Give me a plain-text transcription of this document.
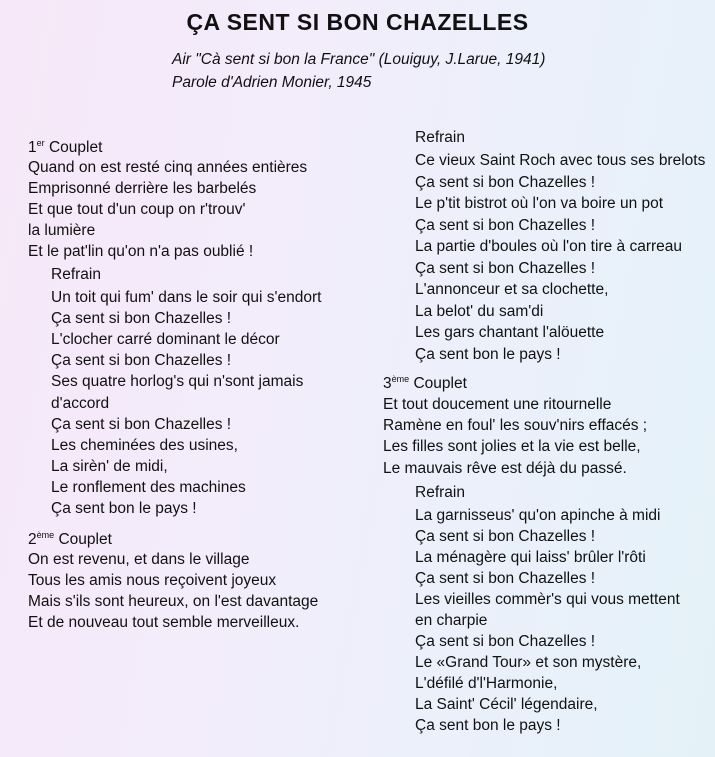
ÇA SENT SI BON CHAZELLES
Air "Cà sent si bon la France" (Louiguy, J.Larue, 1941)
Parole d'Adrien Monier, 1945
1er Couplet
Quand on est resté cinq années entières
Emprisonné derrière les barbelés
Et que tout d'un coup on r'trouv'
la lumière
Et le pat'lin qu'on n'a pas oublié !
Refrain
Un toit qui fum' dans le soir qui s'endort
Ça sent si bon Chazelles !
L'clocher carré dominant le décor
Ça sent si bon Chazelles !
Ses quatre horlog's qui n'sont jamais
d'accord
Ça sent si bon Chazelles !
Les cheminées des usines,
La sirèn' de midi,
Le ronflement des machines
Ça sent bon le pays !
2ème Couplet
On est revenu, et dans le village
Tous les amis nous reçoivent joyeux
Mais s'ils sont heureux, on l'est davantage
Et de nouveau tout semble merveilleux.
Refrain
Ce vieux Saint Roch avec tous ses brelots
Ça sent si bon Chazelles !
Le p'tit bistrot où l'on va boire un pot
Ça sent si bon Chazelles !
La partie d'boules où l'on tire à carreau
Ça sent si bon Chazelles !
L'annonceur et sa clochette,
La belot' du sam'di
Les gars chantant l'alöuette
Ça sent bon le pays !
3ème Couplet
Et tout doucement une ritournelle
Ramène en foul' les souv'nirs effacés ;
Les filles sont jolies et la vie est belle,
Le mauvais rêve est déjà du passé.
Refrain
La garnisseus' qu'on apinche à midi
Ça sent si bon Chazelles !
La ménagère qui laiss' brûler l'rôti
Ça sent si bon Chazelles !
Les vieilles commèr's qui vous mettent
en charpie
Ça sent si bon Chazelles !
Le «Grand Tour» et son mystère,
L'défilé d'l'Harmonie,
La Saint' Cécil' légendaire,
Ça sent bon le pays !
